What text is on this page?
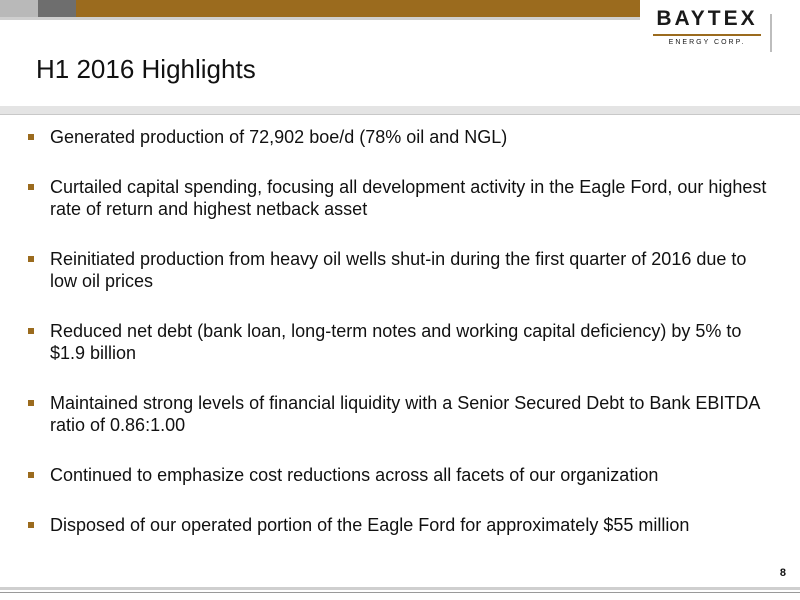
BAYTEX
ENERGY CORP.
H1 2016 Highlights
Generated production of 72,902 boe/d (78% oil and NGL)
Curtailed capital spending, focusing all development activity in the Eagle Ford, our highest rate of return and highest netback asset
Reinitiated production from heavy oil wells shut-in during the first quarter of 2016 due to low oil prices
Reduced net debt (bank loan, long-term notes and working capital deficiency) by 5% to $1.9 billion
Maintained strong levels of financial liquidity with a Senior Secured Debt to Bank EBITDA ratio of 0.86:1.00
Continued to emphasize cost reductions across all facets of our organization
Disposed of our operated portion of the Eagle Ford for approximately $55 million
8
